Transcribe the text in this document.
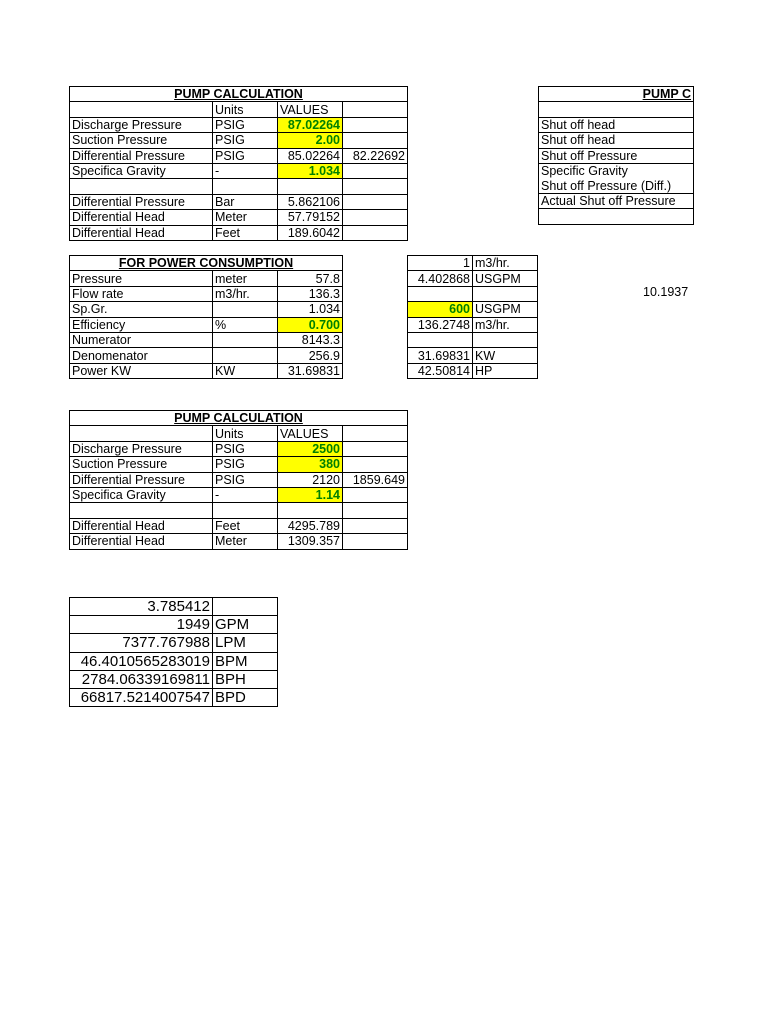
PUMP CALCULATION			
	Units	VALUES	
Discharge Pressure	PSIG	87.02264	
Suction Pressure	PSIG	2.00	
Differential Pressure	PSIG	85.02264	82.22692
Specifica Gravity	-	1.034	

Differential Pressure	Bar	5.862106	
Differential Head	Meter	57.79152	
Differential Head	Feet	189.6042	
PUMP C

Shut off head
Shut off head
Shut off Pressure
Specific Gravity
Shut off Pressure (Diff.)
Actual Shut off Pressure

FOR POWER CONSUMPTION		
Pressure	meter	57.8
Flow rate	m3/hr.	136.3
Sp.Gr.		1.034
Efficiency	%	0.700
Numerator		8143.3
Denomenator		256.9
Power KW	KW	31.69831
1	m3/hr.
4.402868	USGPM

600	USGPM
136.2748	m3/hr.

31.69831	KW
42.50814	HP
10.1937
PUMP CALCULATION			
	Units	VALUES	
Discharge Pressure	PSIG	2500	
Suction Pressure	PSIG	380	
Differential Pressure	PSIG	2120	1859.649
Specifica Gravity	-	1.14	

Differential Head	Feet	4295.789	
Differential Head	Meter	1309.357	
3.785412	
1949	GPM
7377.767988	LPM
46.4010565283019	BPM
2784.06339169811	BPH
66817.5214007547	BPD
